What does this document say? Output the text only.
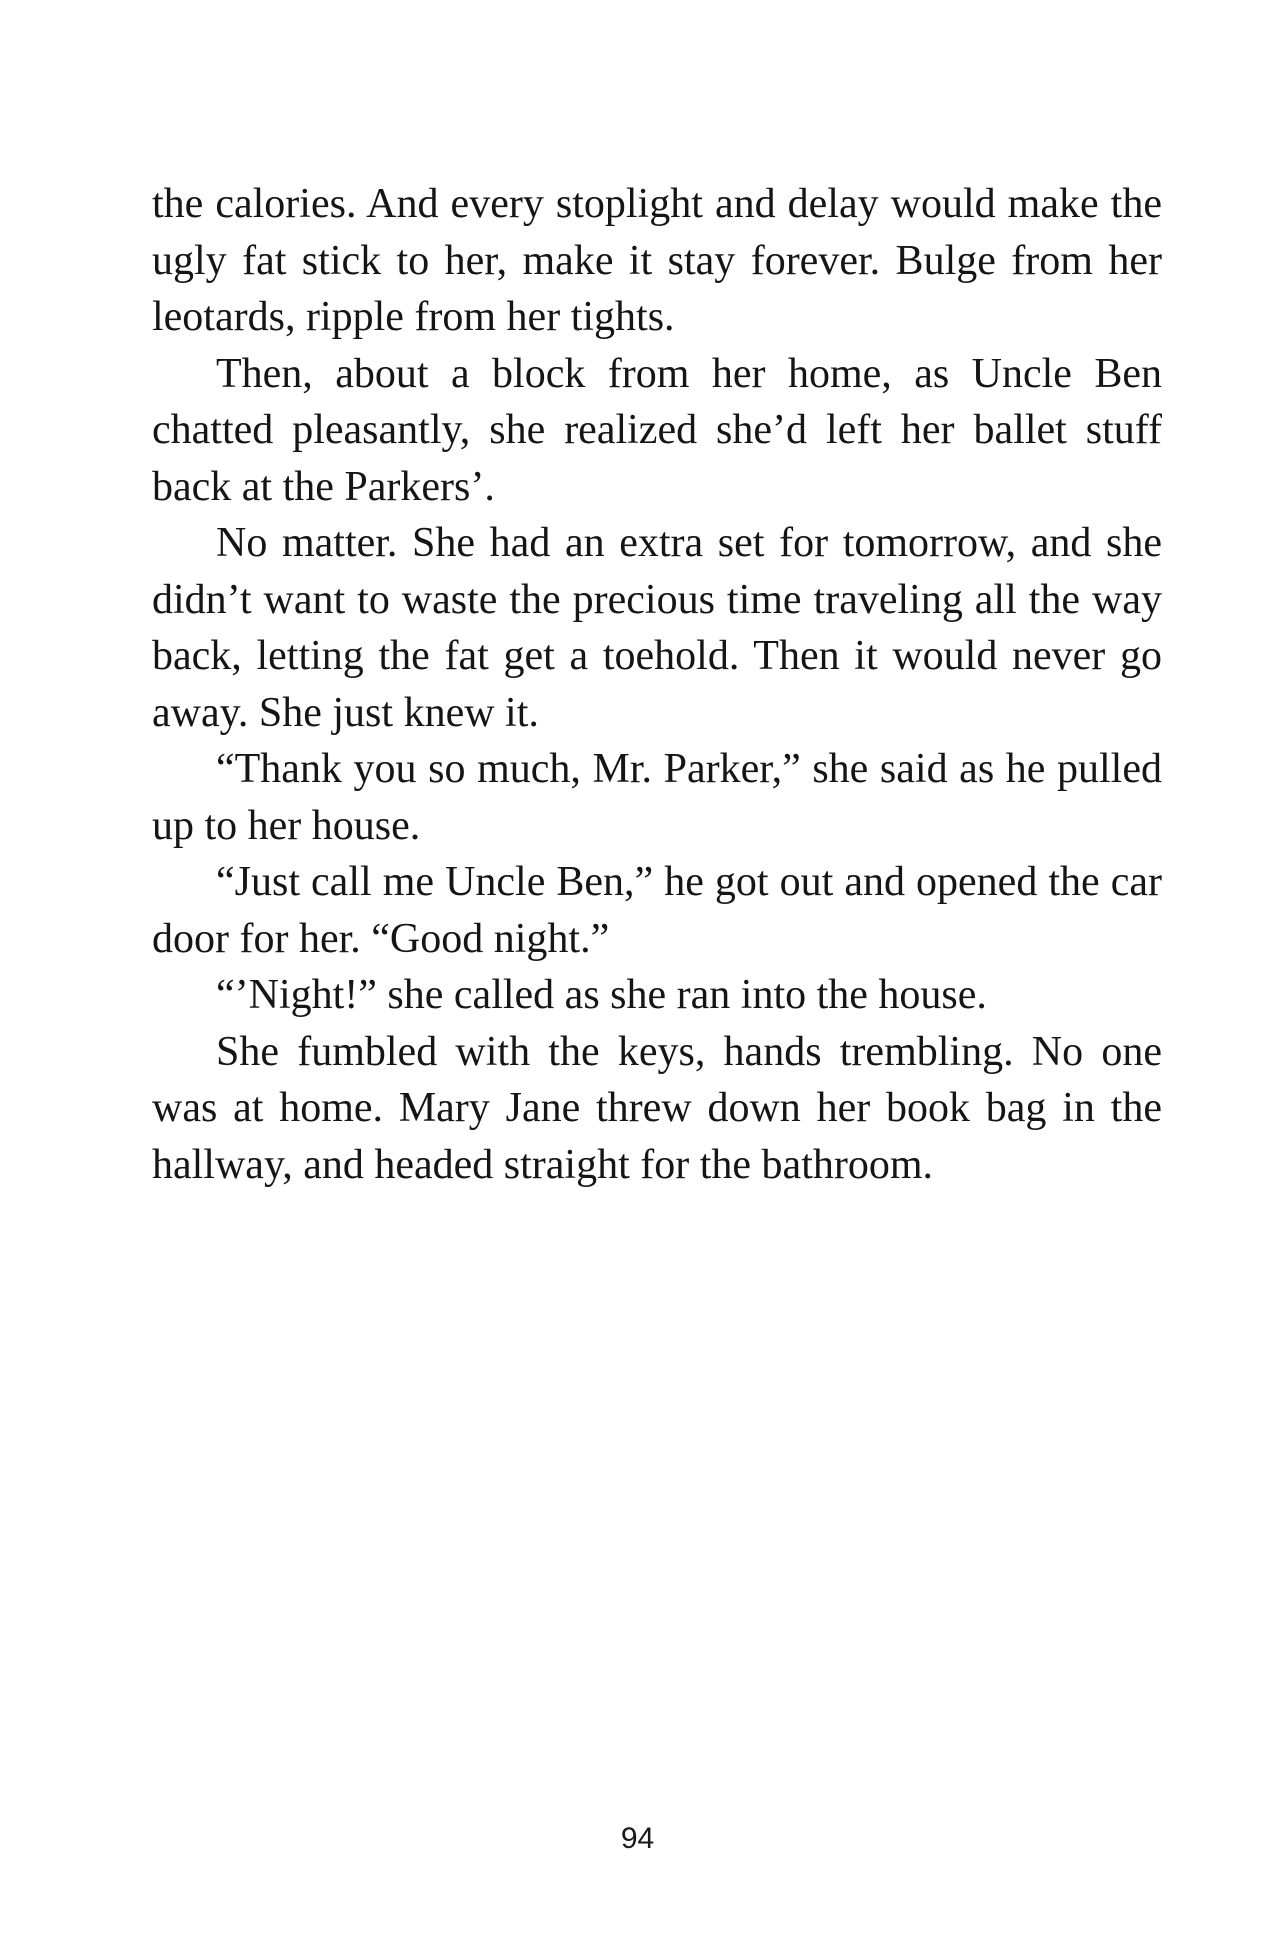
the calories. And every stoplight and delay would make the ugly fat stick to her, make it stay forever. Bulge from her leotards, ripple from her tights.

Then, about a block from her home, as Uncle Ben chatted pleasantly, she realized she’d left her ballet stuff back at the Parkers’.

No matter. She had an extra set for tomorrow, and she didn’t want to waste the precious time traveling all the way back, letting the fat get a toehold. Then it would never go away. She just knew it.

“Thank you so much, Mr. Parker,” she said as he pulled up to her house.

“Just call me Uncle Ben,” he got out and opened the car door for her. “Good night.”

“’Night!” she called as she ran into the house.

She fumbled with the keys, hands trembling. No one was at home. Mary Jane threw down her book bag in the hallway, and headed straight for the bathroom.

94
